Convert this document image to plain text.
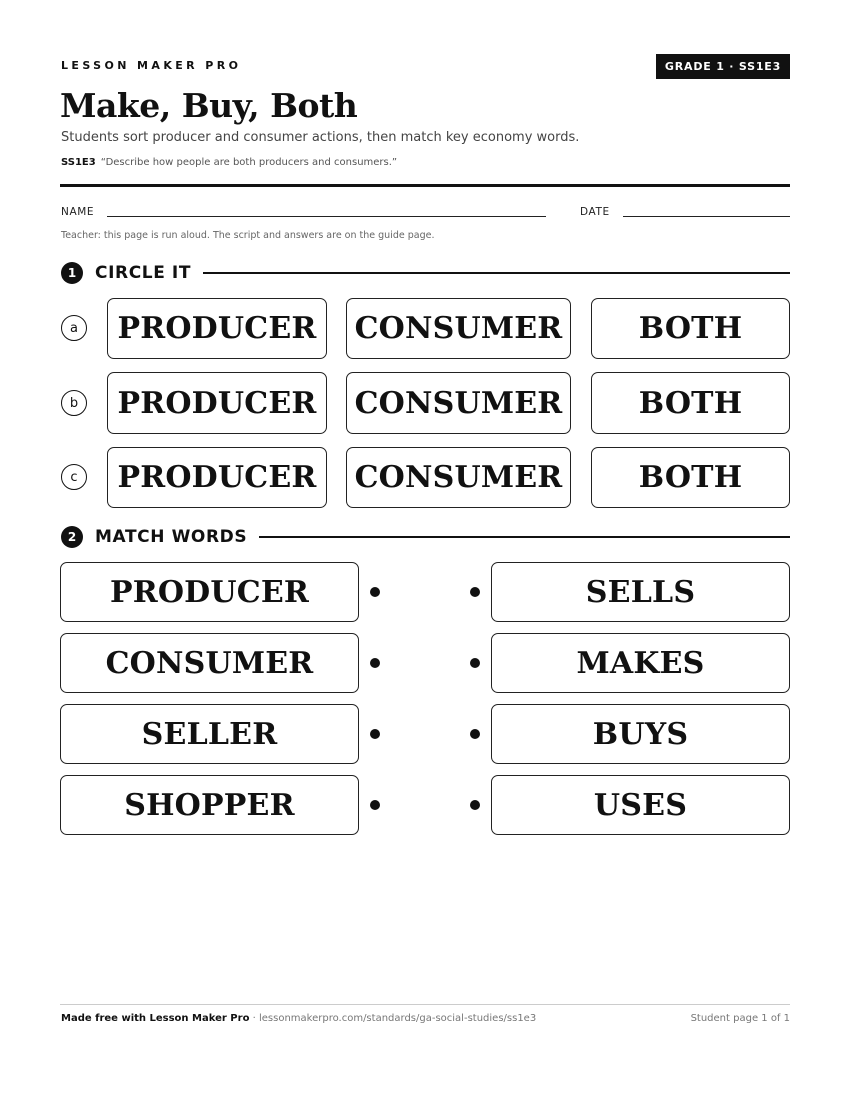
LESSON MAKER PRO	GRADE 1 · SS1E3
Make, Buy, Both
Students sort producer and consumer actions, then match key economy words.
SS1E3 “Describe how people are both producers and consumers.”
NAME	DATE
Teacher: this page is run aloud. The script and answers are on the guide page.
1	CIRCLE IT
a	PRODUCER	CONSUMER	BOTH
b	PRODUCER	CONSUMER	BOTH
c	PRODUCER	CONSUMER	BOTH
2	MATCH WORDS
PRODUCER	SELLS
CONSUMER	MAKES
SELLER	BUYS
SHOPPER	USES
Made free with Lesson Maker Pro · lessonmakerpro.com/standards/ga-social-studies/ss1e3	Student page 1 of 1
